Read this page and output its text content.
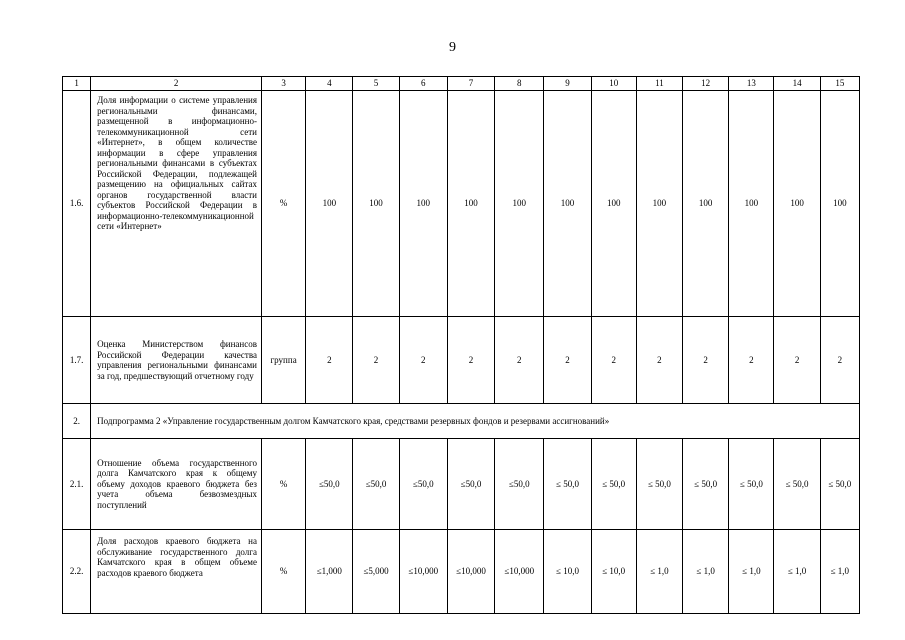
9
1	2	3	4	5	6	7	8	9	10	11	12	13	14	15
1.6.	Доля информации о системе управления региональными финансами, размещенной в информационно-телекоммуникационной сети «Интернет», в общем количестве информации в сфере управления региональными финансами в субъектах Российской Федерации, подлежащей размещению на официальных сайтах органов государственной власти субъектов Российской Федерации в информационно-телекоммуникационной сети «Интернет»	%	100	100	100	100	100	100	100	100	100	100	100	100
1.7.	Оценка Министерством финансов Российской Федерации качества управления региональными финансами за год, предшествующий отчетному году	группа	2	2	2	2	2	2	2	2	2	2	2	2
2.	Подпрограмма 2 «Управление государственным долгом Камчатского края, средствами резервных фондов и резервами ассигнований»													
2.1.	Отношение объема государственного долга Камчатского края к общему объему доходов краевого бюджета без учета объема безвозмездных поступлений	%	≤50,0	≤50,0	≤50,0	≤50,0	≤50,0	≤ 50,0	≤ 50,0	≤ 50,0	≤ 50,0	≤ 50,0	≤ 50,0	≤ 50,0
2.2.	Доля расходов краевого бюджета на обслуживание государственного долга Камчатского края в общем объеме расходов краевого бюджета	%	≤1,000	≤5,000	≤10,000	≤10,000	≤10,000	≤ 10,0	≤ 10,0	≤ 1,0	≤ 1,0	≤ 1,0	≤ 1,0	≤ 1,0
